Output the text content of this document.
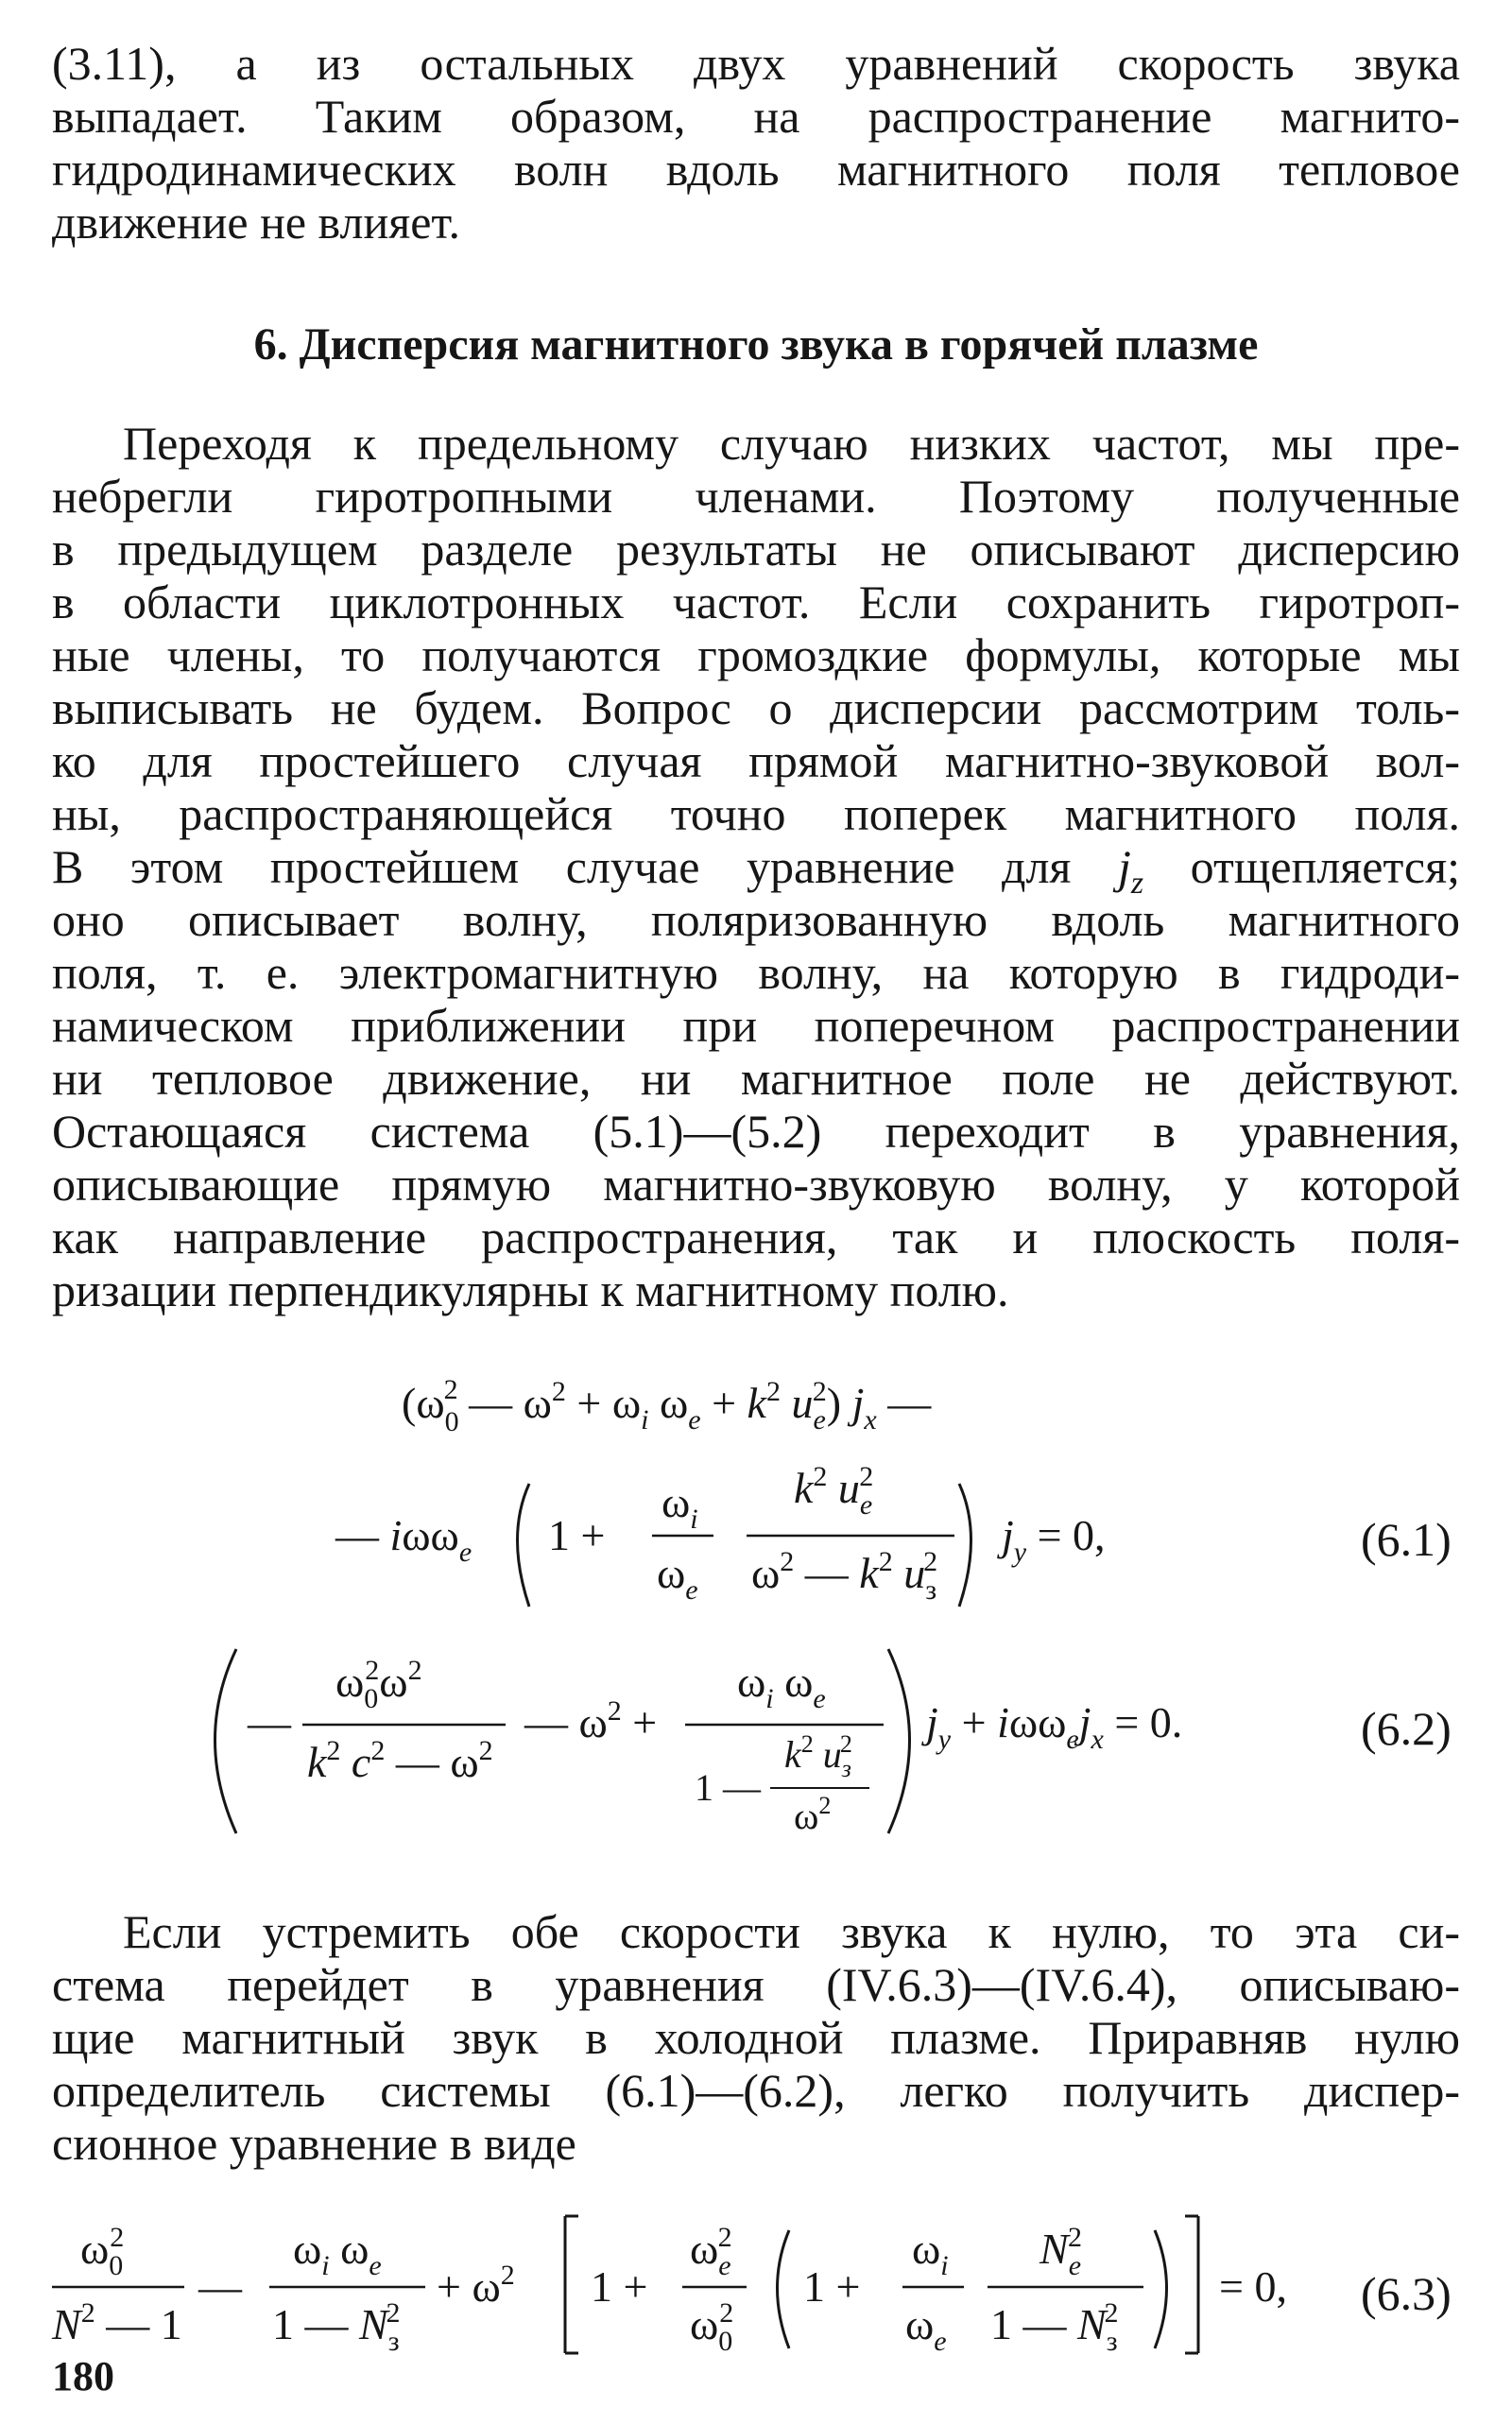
(3.11), а из остальных двух уравнений скорость звука
выпадает. Таким образом, на распространение магнито-
гидродинамических волн вдоль магнитного поля тепловое
движение не влияет.
6. Дисперсия магнитного звука в горячей плазме
Переходя к предельному случаю низких частот, мы пре-
небрегли гиротропными членами. Поэтому полученные
в предыдущем разделе результаты не описывают дисперсию
в области циклотронных частот. Если сохранить гиротроп-
ные члены, то получаются громоздкие формулы, которые мы
выписывать не будем. Вопрос о дисперсии рассмотрим толь-
ко для простейшего случая прямой магнитно-звуковой вол-
ны, распространяющейся точно поперек магнитного поля.
В этом простейшем случае уравнение для $j_z$ отщепляется;
оно описывает волну, поляризованную вдоль магнитного
поля, т. е. электромагнитную волну, на которую в гидроди-
намическом приближении при поперечном распространении
ни тепловое движение, ни магнитное поле не действуют.
Остающаяся система (5.1)—(5.2) переходит в уравнения,
описывающие прямую магнитно-звуковую волну, у которой
как направление распространения, так и плоскость поля-
ризации перпендикулярны к магнитному полю.
($\omega_02$ — $\omega^2 + \omega_i$ $\omega_e + k^2$ $u_e2$) $j_x$ —
— iωω$_e$ 1 +
$\omega_i$
$\omega_e$
$k^2$ $u_e2$
$\omega^2$ — $k^2$ $u_з2$
$j_y = 0$,
—
$\omega_02\omega^2$
$k^2$ $c^2$ — $\omega^2$
— $\omega^2$ +
$\omega_i$ $\omega_e$
$k^2$ $u_з2$
1 —
$\omega^2$
$j_y + i\omega\omega_ej_x = 0$.
$\omega_02$
$N^2$ — 1
—
$\omega_i$ $\omega_e$
1 — $N_з2$
+ $\omega^2$ 1 +
$\omega_e2$
$\omega_02$
1 +
$\omega_i$
$\omega_e$
$N_e2$
1 — $N_з2$
= 0,
(6.1)
(6.2)
(6.3)
Если устремить обе скорости звука к нулю, то эта си-
стема перейдет в уравнения (IV.6.3)—(IV.6.4), описываю-
щие магнитный звук в холодной плазме. Приравняв нулю
определитель системы (6.1)—(6.2), легко получить диспер-
сионное уравнение в виде
180
